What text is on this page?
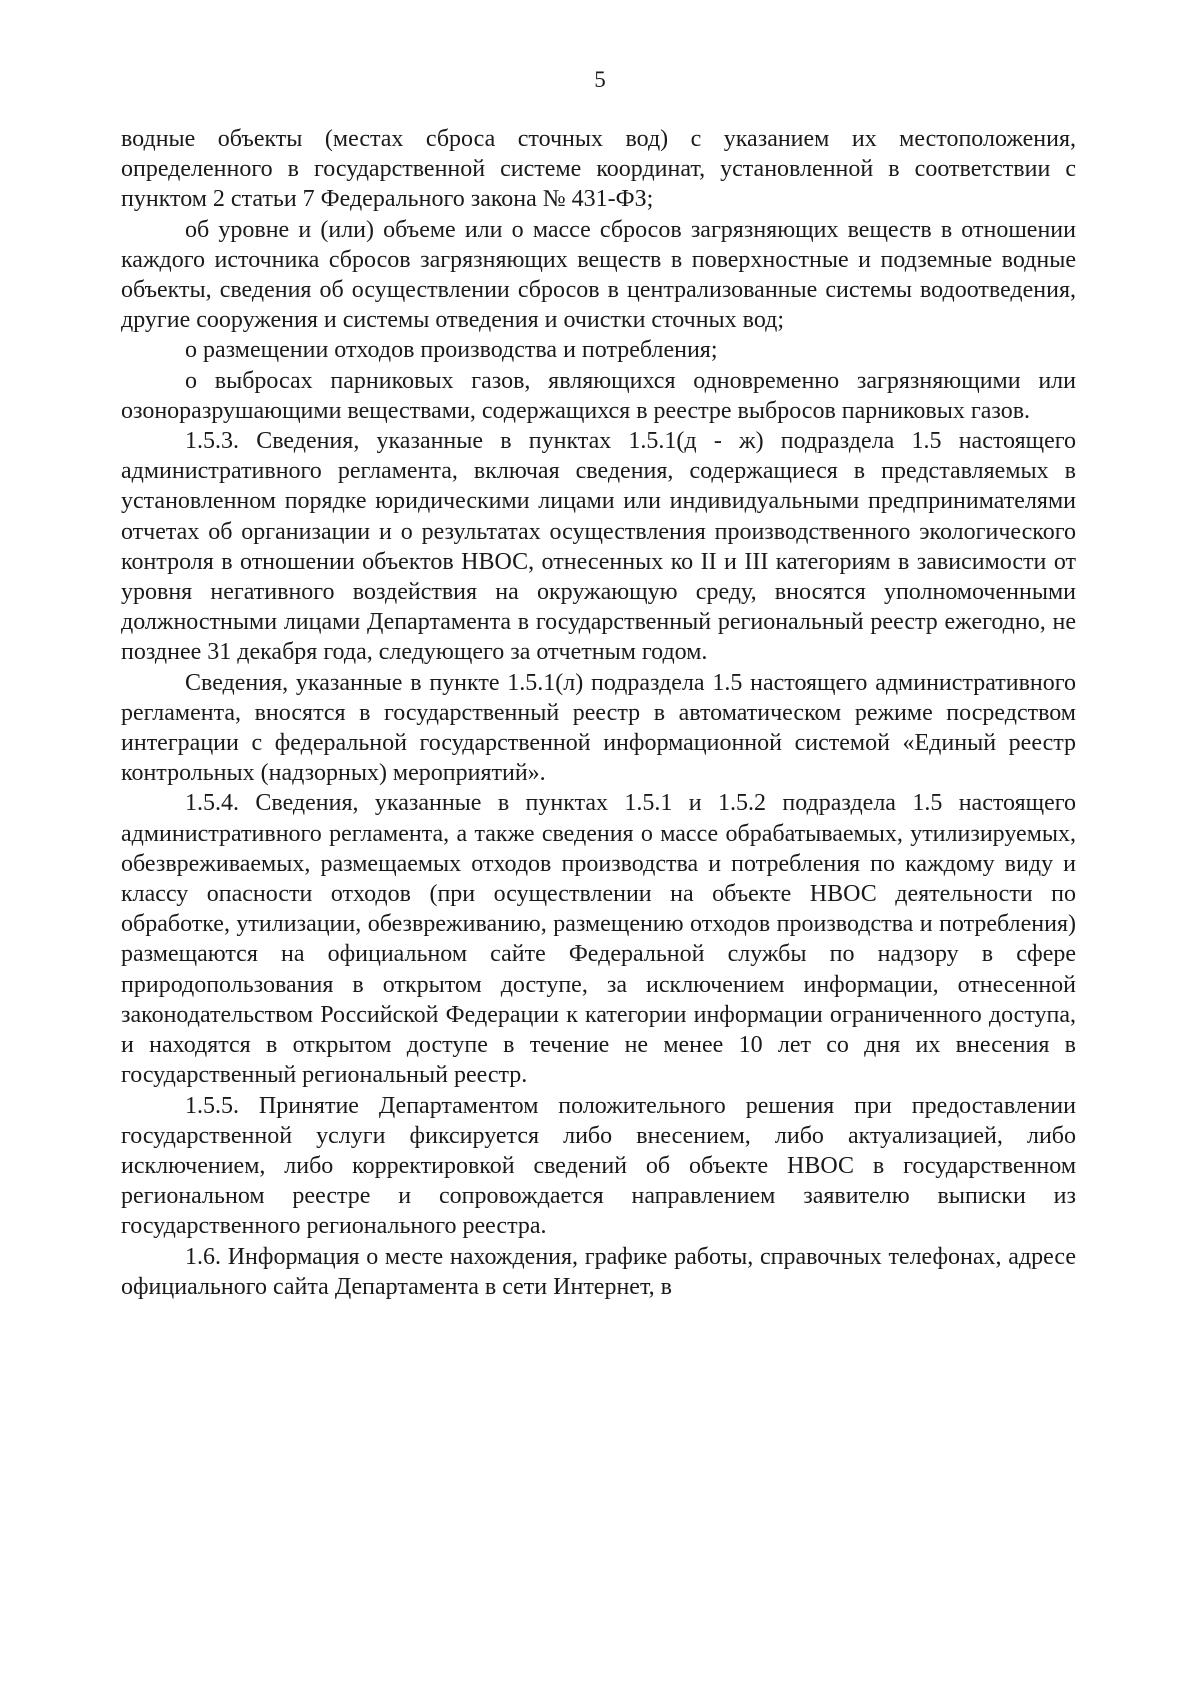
5

водные объекты (местах сброса сточных вод) с указанием их местоположения, определенного в государственной системе координат, установленной в соответствии с пунктом 2 статьи 7 Федерального закона № 431-ФЗ;

об уровне и (или) объеме или о массе сбросов загрязняющих веществ в отношении каждого источника сбросов загрязняющих веществ в поверхностные и подземные водные объекты, сведения об осуществлении сбросов в централизованные системы водоотведения, другие сооружения и системы отведения и очистки сточных вод;

о размещении отходов производства и потребления;

о выбросах парниковых газов, являющихся одновременно загрязняющими или озоноразрушающими веществами, содержащихся в реестре выбросов парниковых газов.

1.5.3. Сведения, указанные в пунктах 1.5.1(д - ж) подраздела 1.5 настоящего административного регламента, включая сведения, содержащиеся в представляемых в установленном порядке юридическими лицами или индивидуальными предпринимателями отчетах об организации и о результатах осуществления производственного экологического контроля в отношении объектов НВОС, отнесенных ко II и III категориям в зависимости от уровня негативного воздействия на окружающую среду, вносятся уполномоченными должностными лицами Департамента в государственный региональный реестр ежегодно, не позднее 31 декабря года, следующего за отчетным годом.

Сведения, указанные в пункте 1.5.1(л) подраздела 1.5 настоящего административного регламента, вносятся в государственный реестр в автоматическом режиме посредством интеграции с федеральной государственной информационной системой «Единый реестр контрольных (надзорных) мероприятий».

1.5.4. Сведения, указанные в пунктах 1.5.1 и 1.5.2 подраздела 1.5 настоящего административного регламента, а также сведения о массе обрабатываемых, утилизируемых, обезвреживаемых, размещаемых отходов производства и потребления по каждому виду и классу опасности отходов (при осуществлении на объекте НВОС деятельности по обработке, утилизации, обезвреживанию, размещению отходов производства и потребления) размещаются на официальном сайте Федеральной службы по надзору в сфере природопользования в открытом доступе, за исключением информации, отнесенной законодательством Российской Федерации к категории информации ограниченного доступа, и находятся в открытом доступе в течение не менее 10 лет со дня их внесения в государственный региональный реестр.

1.5.5. Принятие Департаментом положительного решения при предоставлении государственной услуги фиксируется либо внесением, либо актуализацией, либо исключением, либо корректировкой сведений об объекте НВОС в государственном региональном реестре и сопровождается направлением заявителю выписки из государственного регионального реестра.

1.6. Информация о месте нахождения, графике работы, справочных телефонах, адресе официального сайта Департамента в сети Интернет, в
